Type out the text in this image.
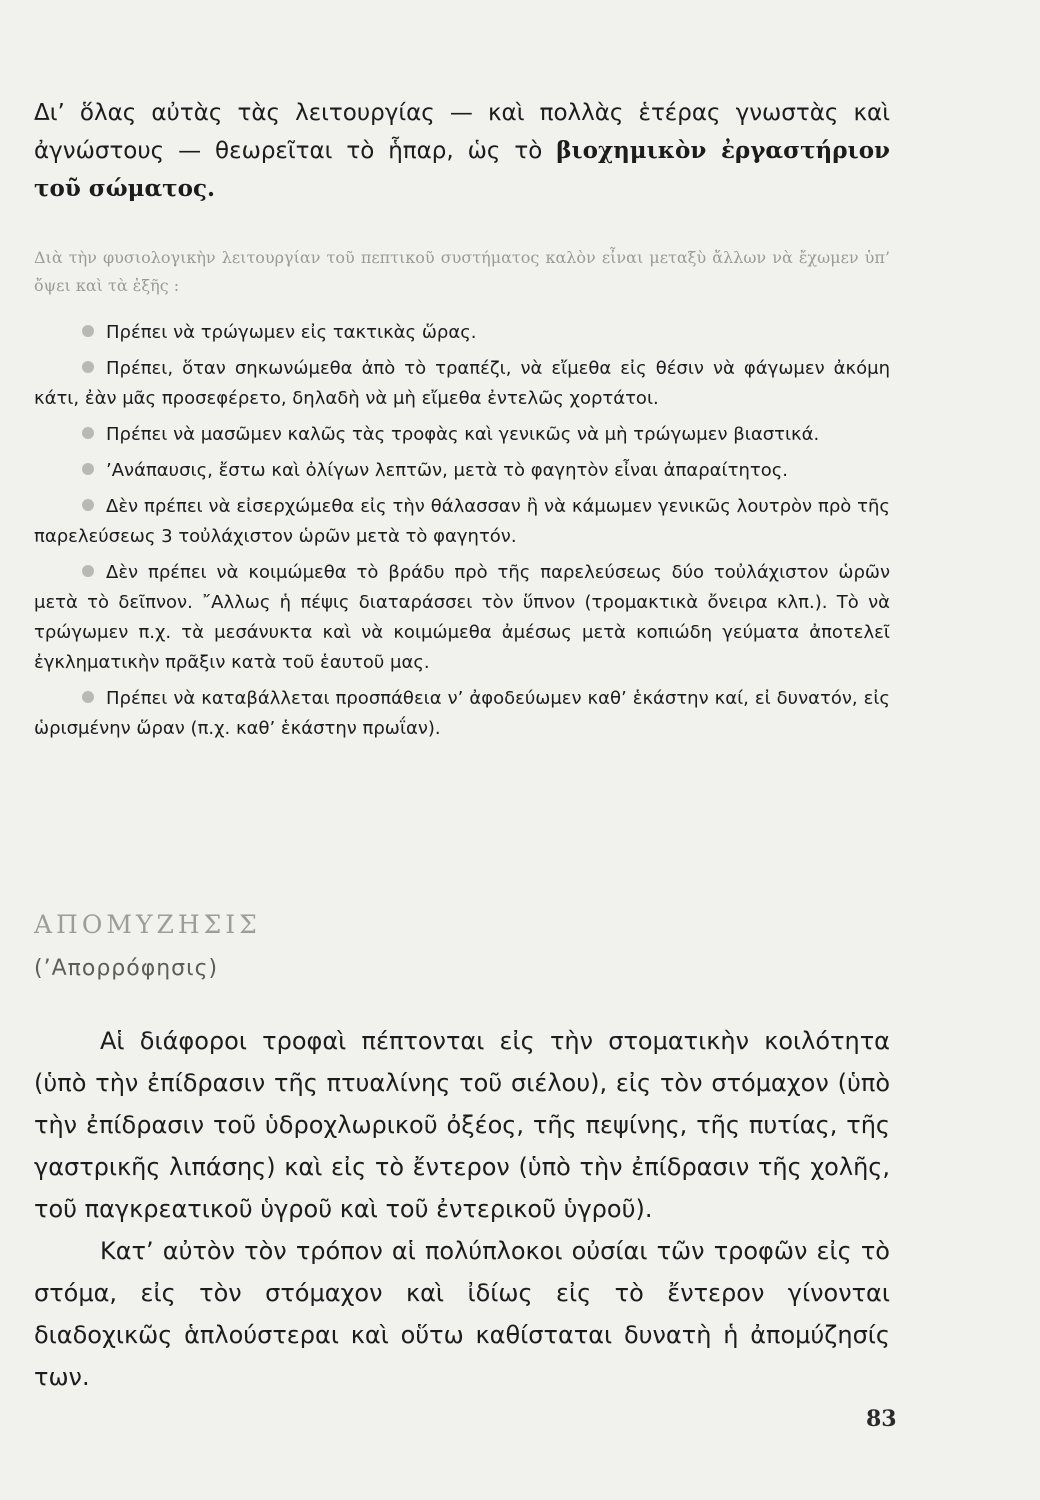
Δι’ ὅλας αὐτὰς τὰς λειτουργίας — καὶ πολλὰς ἑτέρας γνωστὰς καὶ ἀγνώστους — θεωρεῖται τὸ ἧπαρ, ὡς τὸ βιοχημικὸν ἐργαστήριον τοῦ σώματος.

Διὰ τὴν φυσιολογικὴν λειτουργίαν τοῦ πεπτικοῦ συστήματος καλὸν εἶναι μεταξὺ ἄλλων νὰ ἔχωμεν ὑπ’ ὄψει καὶ τὰ ἑξῆς :

Πρέπει νὰ τρώγωμεν εἰς τακτικὰς ὥρας.
Πρέπει, ὅταν σηκωνώμεθα ἀπὸ τὸ τραπέζι, νὰ εἴμεθα εἰς θέσιν νὰ φάγωμεν ἀκόμη κάτι, ἐὰν μᾶς προσεφέρετο, δηλαδὴ νὰ μὴ εἴμεθα ἐντελῶς χορτάτοι.
Πρέπει νὰ μασῶμεν καλῶς τὰς τροφὰς καὶ γενικῶς νὰ μὴ τρώγωμεν βιαστικά.
’Ανάπαυσις, ἔστω καὶ ὀλίγων λεπτῶν, μετὰ τὸ φαγητὸν εἶναι ἀπαραίτητος.
Δὲν πρέπει νὰ εἰσερχώμεθα εἰς τὴν θάλασσαν ἢ νὰ κάμωμεν γενικῶς λουτρὸν πρὸ τῆς παρελεύσεως 3 τοὐλάχιστον ὡρῶν μετὰ τὸ φαγητόν.
Δὲν πρέπει νὰ κοιμώμεθα τὸ βράδυ πρὸ τῆς παρελεύσεως δύο τοὐλάχιστον ὡρῶν μετὰ τὸ δεῖπνον. ῎Αλλως ἡ πέψις διαταράσσει τὸν ὕπνον (τρομακτικὰ ὄνειρα κλπ.). Τὸ νὰ τρώγωμεν π.χ. τὰ μεσάνυκτα καὶ νὰ κοιμώμεθα ἀμέσως μετὰ κοπιώδη γεύματα ἀποτελεῖ ἐγκληματικὴν πρᾶξιν κατὰ τοῦ ἑαυτοῦ μας.
Πρέπει νὰ καταβάλλεται προσπάθεια ν’ ἀφοδεύωμεν καθ’ ἑκάστην καί, εἰ δυνατόν, εἰς ὡρισμένην ὥραν (π.χ. καθ’ ἑκάστην πρωΐαν).
ΑΠΟΜΥΖΗΣΙΣ
(’Απορρόφησις)
Αἱ διάφοροι τροφαὶ πέπτονται εἰς τὴν στοματικὴν κοιλότητα (ὑπὸ τὴν ἐπίδρασιν τῆς πτυαλίνης τοῦ σιέλου), εἰς τὸν στόμαχον (ὑπὸ τὴν ἐπίδρασιν τοῦ ὑδροχλωρικοῦ ὀξέος, τῆς πεψίνης, τῆς πυτίας, τῆς γαστρικῆς λιπάσης) καὶ εἰς τὸ ἔντερον (ὑπὸ τὴν ἐπίδρασιν τῆς χολῆς, τοῦ παγκρεατικοῦ ὑγροῦ καὶ τοῦ ἐντερικοῦ ὑγροῦ).
Κατ’ αὐτὸν τὸν τρόπον αἱ πολύπλοκοι οὐσίαι τῶν τροφῶν εἰς τὸ στόμα, εἰς τὸν στόμαχον καὶ ἰδίως εἰς τὸ ἔντερον γίνονται διαδοχικῶς ἁπλούστεραι καὶ οὕτω καθίσταται δυνατὴ ἡ ἀπομύζησίς των.
83
